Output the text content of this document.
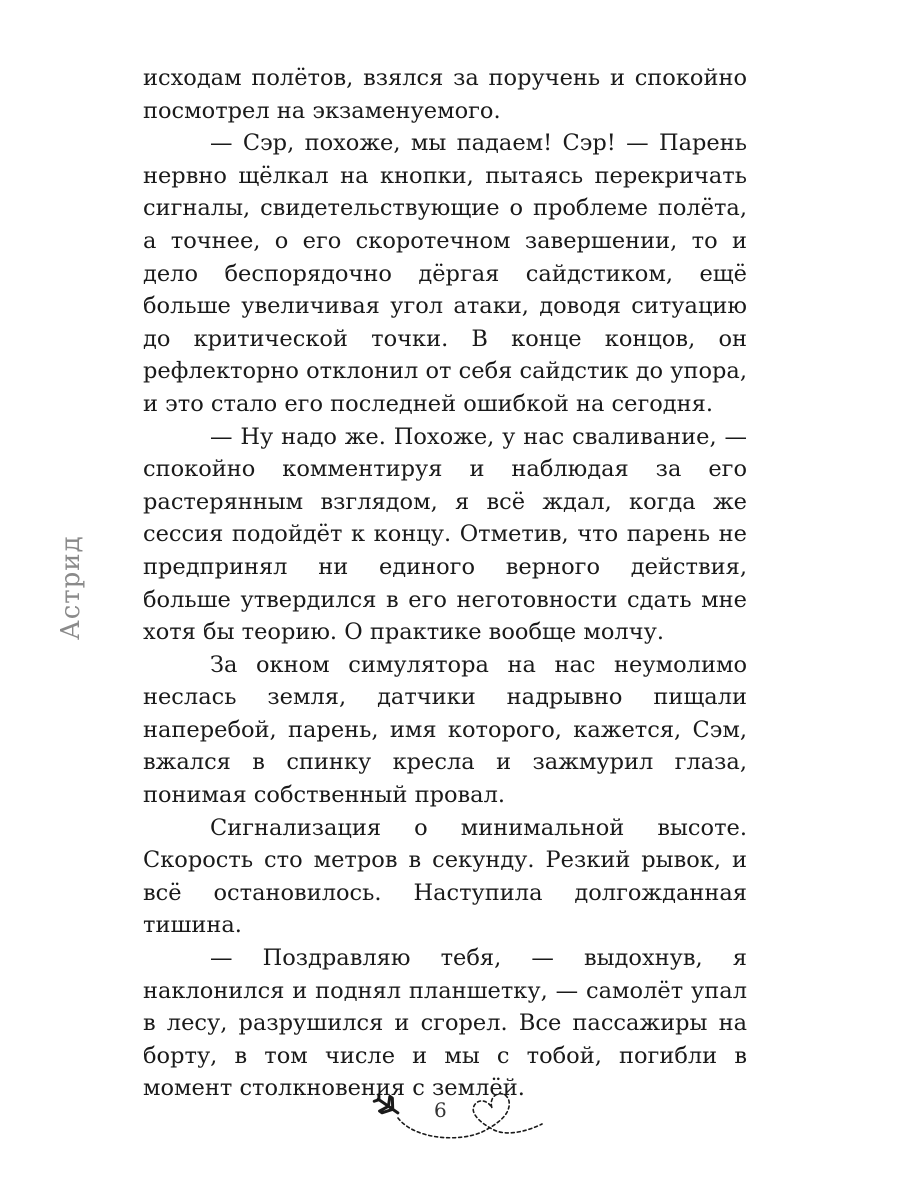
Астрид

исходам полётов, взялся за поручень и спокойно посмотрел на экзаменуемого.

— Сэр, похоже, мы падаем! Сэр! — Парень нервно щёлкал на кнопки, пытаясь перекричать сигналы, свидетельствующие о проблеме полёта, а точнее, о его скоротечном завершении, то и дело беспорядочно дёргая сайдстиком, ещё больше увеличивая угол атаки, доводя ситуацию до критической точки. В конце концов, он рефлекторно отклонил от себя сайдстик до упора, и это стало его последней ошибкой на сегодня.

— Ну надо же. Похоже, у нас сваливание, — спокойно комментируя и наблюдая за его растерянным взглядом, я всё ждал, когда же сессия подойдёт к концу. Отметив, что парень не предпринял ни единого верного действия, больше утвердился в его неготовности сдать мне хотя бы теорию. О практике вообще молчу.

За окном симулятора на нас неумолимо неслась земля, датчики надрывно пищали наперебой, парень, имя которого, кажется, Сэм, вжался в спинку кресла и зажмурил глаза, понимая собственный провал.

Сигнализация о минимальной высоте. Скорость сто метров в секунду. Резкий рывок, и всё остановилось. Наступила долгожданная тишина.

— Поздравляю тебя, — выдохнув, я наклонился и поднял планшетку, — самолёт упал в лесу, разрушился и сгорел. Все пассажиры на борту, в том числе и мы с тобой, погибли в момент столкновения с землёй.

6
